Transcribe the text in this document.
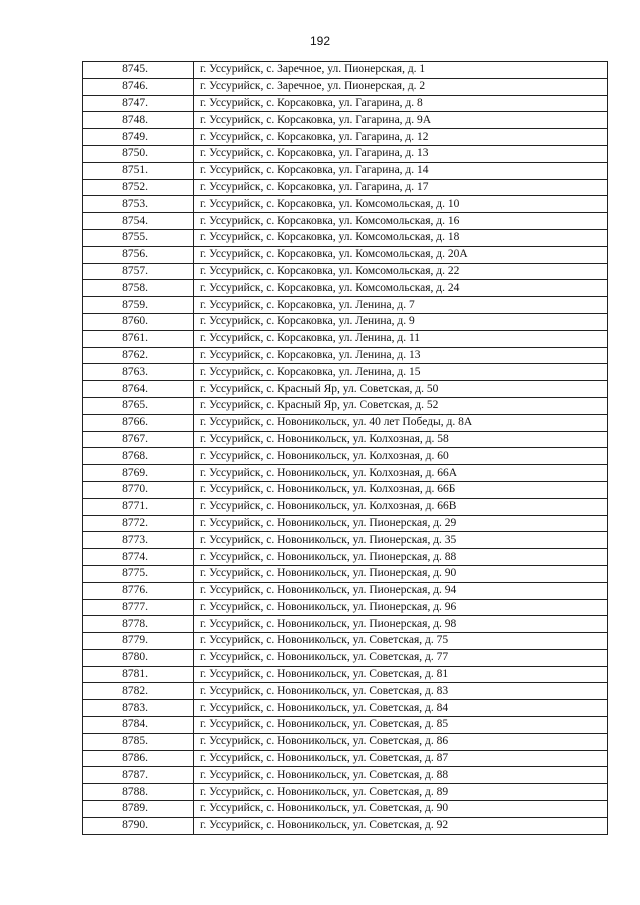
192
8745.	г. Уссурийск, с. Заречное, ул. Пионерская, д. 1
8746.	г. Уссурийск, с. Заречное, ул. Пионерская, д. 2
8747.	г. Уссурийск, с. Корсаковка, ул. Гагарина, д. 8
8748.	г. Уссурийск, с. Корсаковка, ул. Гагарина, д. 9А
8749.	г. Уссурийск, с. Корсаковка, ул. Гагарина, д. 12
8750.	г. Уссурийск, с. Корсаковка, ул. Гагарина, д. 13
8751.	г. Уссурийск, с. Корсаковка, ул. Гагарина, д. 14
8752.	г. Уссурийск, с. Корсаковка, ул. Гагарина, д. 17
8753.	г. Уссурийск, с. Корсаковка, ул. Комсомольская, д. 10
8754.	г. Уссурийск, с. Корсаковка, ул. Комсомольская, д. 16
8755.	г. Уссурийск, с. Корсаковка, ул. Комсомольская, д. 18
8756.	г. Уссурийск, с. Корсаковка, ул. Комсомольская, д. 20А
8757.	г. Уссурийск, с. Корсаковка, ул. Комсомольская, д. 22
8758.	г. Уссурийск, с. Корсаковка, ул. Комсомольская, д. 24
8759.	г. Уссурийск, с. Корсаковка, ул. Ленина, д. 7
8760.	г. Уссурийск, с. Корсаковка, ул. Ленина, д. 9
8761.	г. Уссурийск, с. Корсаковка, ул. Ленина, д. 11
8762.	г. Уссурийск, с. Корсаковка, ул. Ленина, д. 13
8763.	г. Уссурийск, с. Корсаковка, ул. Ленина, д. 15
8764.	г. Уссурийск, с. Красный Яр, ул. Советская, д. 50
8765.	г. Уссурийск, с. Красный Яр, ул. Советская, д. 52
8766.	г. Уссурийск, с. Новоникольск, ул. 40 лет Победы, д. 8А
8767.	г. Уссурийск, с. Новоникольск, ул. Колхозная, д. 58
8768.	г. Уссурийск, с. Новоникольск, ул. Колхозная, д. 60
8769.	г. Уссурийск, с. Новоникольск, ул. Колхозная, д. 66А
8770.	г. Уссурийск, с. Новоникольск, ул. Колхозная, д. 66Б
8771.	г. Уссурийск, с. Новоникольск, ул. Колхозная, д. 66В
8772.	г. Уссурийск, с. Новоникольск, ул. Пионерская, д. 29
8773.	г. Уссурийск, с. Новоникольск, ул. Пионерская, д. 35
8774.	г. Уссурийск, с. Новоникольск, ул. Пионерская, д. 88
8775.	г. Уссурийск, с. Новоникольск, ул. Пионерская, д. 90
8776.	г. Уссурийск, с. Новоникольск, ул. Пионерская, д. 94
8777.	г. Уссурийск, с. Новоникольск, ул. Пионерская, д. 96
8778.	г. Уссурийск, с. Новоникольск, ул. Пионерская, д. 98
8779.	г. Уссурийск, с. Новоникольск, ул. Советская, д. 75
8780.	г. Уссурийск, с. Новоникольск, ул. Советская, д. 77
8781.	г. Уссурийск, с. Новоникольск, ул. Советская, д. 81
8782.	г. Уссурийск, с. Новоникольск, ул. Советская, д. 83
8783.	г. Уссурийск, с. Новоникольск, ул. Советская, д. 84
8784.	г. Уссурийск, с. Новоникольск, ул. Советская, д. 85
8785.	г. Уссурийск, с. Новоникольск, ул. Советская, д. 86
8786.	г. Уссурийск, с. Новоникольск, ул. Советская, д. 87
8787.	г. Уссурийск, с. Новоникольск, ул. Советская, д. 88
8788.	г. Уссурийск, с. Новоникольск, ул. Советская, д. 89
8789.	г. Уссурийск, с. Новоникольск, ул. Советская, д. 90
8790.	г. Уссурийск, с. Новоникольск, ул. Советская, д. 92
